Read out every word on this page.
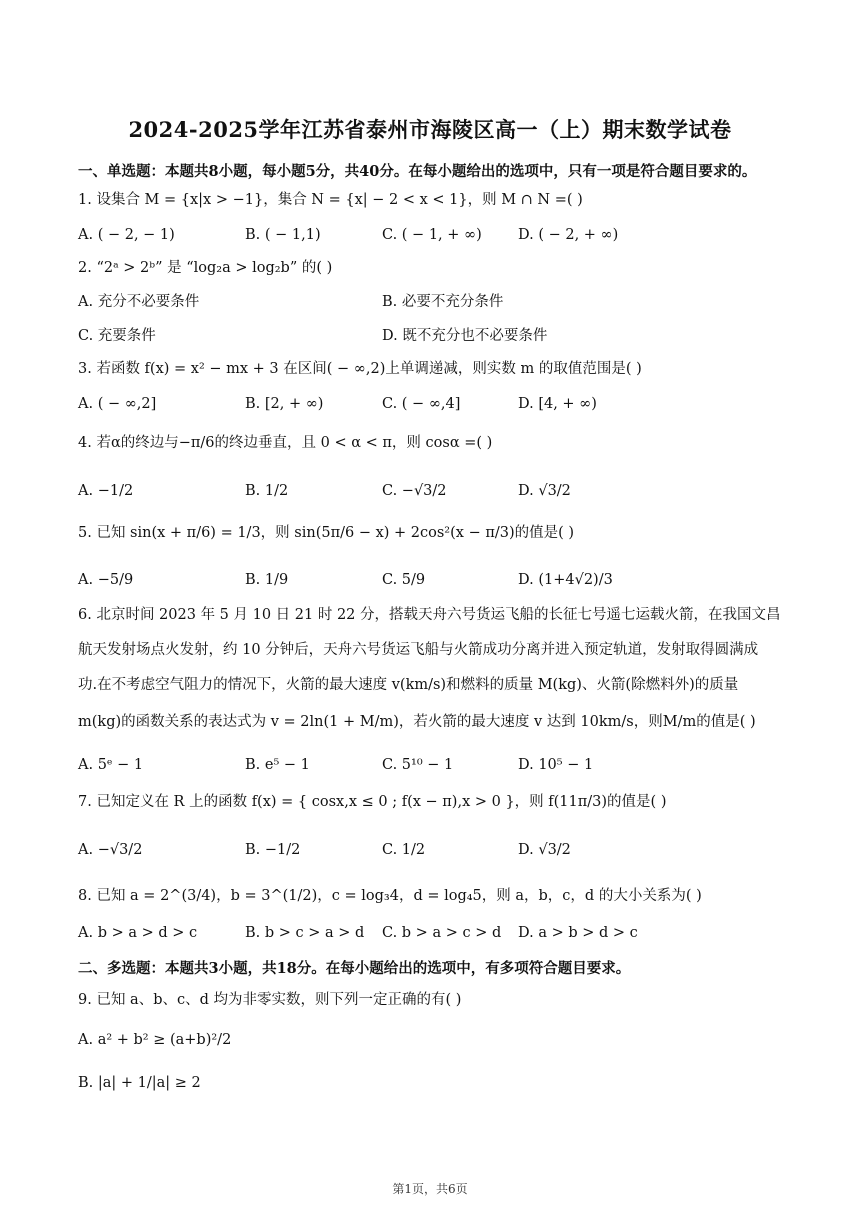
2024-2025学年江苏省泰州市海陵区高一（上）期末数学试卷
一、单选题：本题共8小题，每小题5分，共40分。在每小题给出的选项中，只有一项是符合题目要求的。
1. 设集合 M = {x|x > −1}，集合 N = {x| − 2 < x < 1}，则 M ∩ N =( )
A. ( − 2, − 1)	B. ( − 1,1)	C. ( − 1, + ∞) D. ( − 2, + ∞)
2. “2ᵃ > 2ᵇ” 是 “log₂a > log₂b” 的( )
A. 充分不必要条件	B. 必要不充分条件
C. 充要条件	D. 既不充分也不必要条件
3. 若函数 f(x) = x² − mx + 3 在区间( − ∞,2)上单调递减，则实数 m 的取值范围是( )
A. ( − ∞,2]	B. [2, + ∞)	C. ( − ∞,4]	D. [4, + ∞)
4. 若α的终边与−π/6的终边垂直，且 0 < α < π，则 cosα =( )
A. −1/2	B. 1/2	C. −√3/2	D. √3/2
5. 已知 sin(x + π/6) = 1/3，则 sin(5π/6 − x) + 2cos²(x − π/3)的值是( )
A. −5/9	B. 1/9	C. 5/9	D. (1+4√2)/3
6. 北京时间 2023 年 5 月 10 日 21 时 22 分，搭载天舟六号货运飞船的长征七号遥七运载火箭，在我国文昌
航天发射场点火发射，约 10 分钟后，天舟六号货运飞船与火箭成功分离并进入预定轨道，发射取得圆满成
功.在不考虑空气阻力的情况下，火箭的最大速度 v(km/s)和燃料的质量 M(kg)、火箭(除燃料外)的质量
m(kg)的函数关系的表达式为 v = 2ln(1 + M/m)，若火箭的最大速度 v 达到 10km/s，则M/m的值是( )
A. 5ᵉ − 1	B. e⁵ − 1	C. 5¹⁰ − 1	D. 10⁵ − 1
7. 已知定义在 R 上的函数 f(x) = { cosx,x ≤ 0 ; f(x − π),x > 0 }，则 f(11π/3)的值是( )
A. −√3/2	B. −1/2	C. 1/2	D. √3/2
8. 已知 a = 2^(3/4)，b = 3^(1/2)，c = log₃4，d = log₄5，则 a，b，c，d 的大小关系为( )
A. b > a > d > c	B. b > c > a > d C. b > a > c > d D. a > b > d > c
二、多选题：本题共3小题，共18分。在每小题给出的选项中，有多项符合题目要求。
9. 已知 a、b、c、d 均为非零实数，则下列一定正确的有( )
A. a² + b² ≥ (a+b)²/2
B. |a| + 1/|a| ≥ 2
第1页，共6页
